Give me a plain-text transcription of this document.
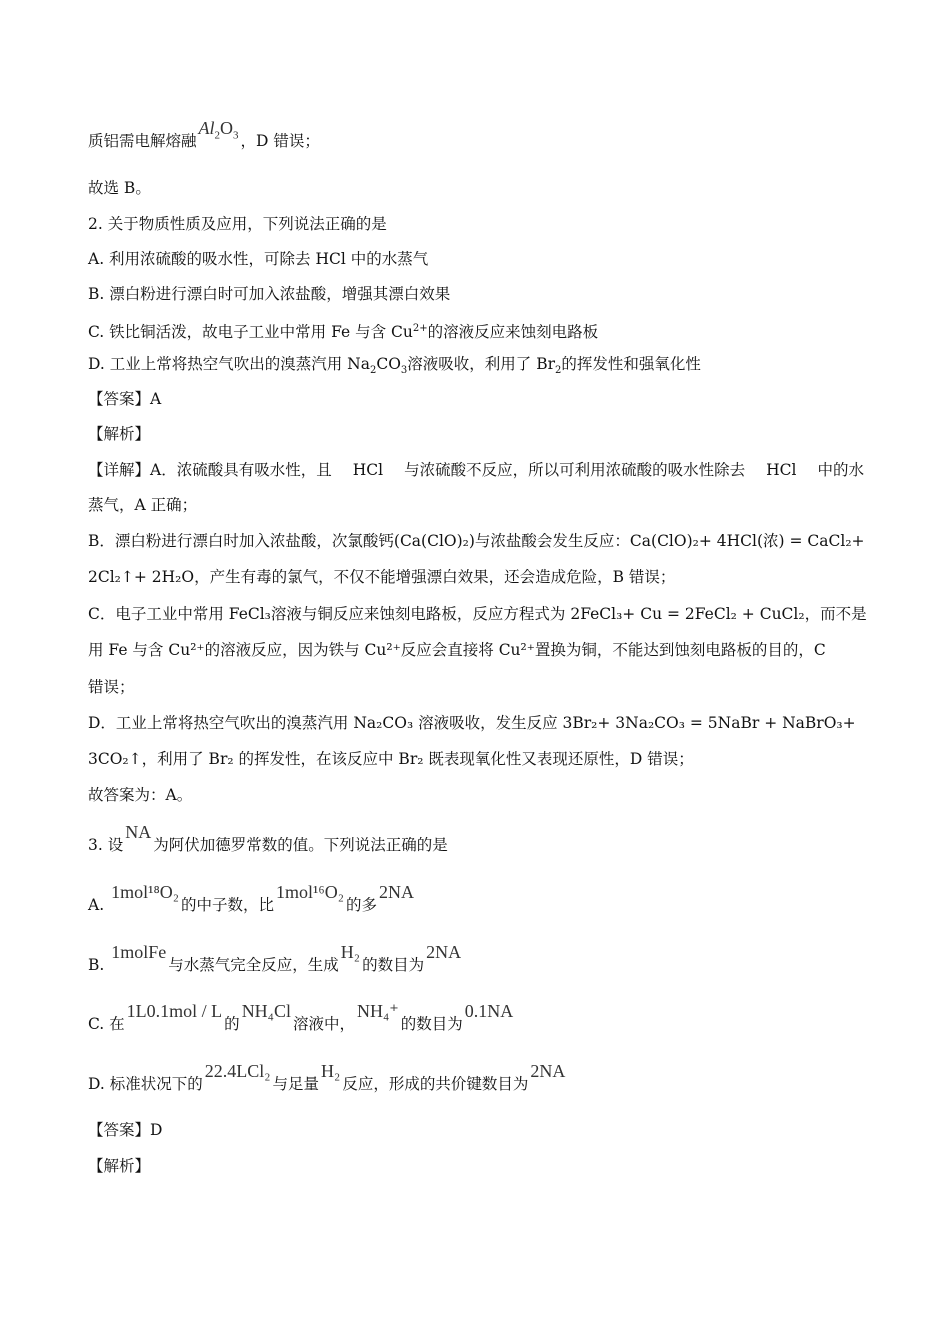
质铝需电解熔融$Al_2O_3$ ，D 错误；
故选 B。
2. 关于物质性质及应用，下列说法正确的是
A. 利用浓硫酸的吸水性，可除去 HCl 中的水蒸气
B. 漂白粉进行漂白时可加入浓盐酸，增强其漂白效果
C. 铁比铜活泼，故电子工业中常用 Fe 与含 $Cu^{2+}$的溶液反应来蚀刻电路板
D. 工业上常将热空气吹出的溴蒸汽用 $Na_2CO_3$溶液吸收，利用了 $Br_2$的挥发性和强氧化性
【答案】A
【解析】
【详解】A．浓硫酸具有吸水性，且 HCl 与浓硫酸不反应，所以可利用浓硫酸的吸水性除去 HCl 中的水
蒸气，A 正确；
B．漂白粉进行漂白时加入浓盐酸，次氯酸钙(Ca(ClO)₂)与浓盐酸会发生反应：Ca(ClO)₂+ 4HCl(浓) = CaCl₂+
2Cl₂↑+ 2H₂O，产生有毒的氯气，不仅不能增强漂白效果，还会造成危险，B 错误；
C．电子工业中常用 FeCl₃溶液与铜反应来蚀刻电路板，反应方程式为 2FeCl₃+ Cu = 2FeCl₂ + CuCl₂，而不是
用 Fe 与含 Cu²⁺的溶液反应，因为铁与 Cu²⁺反应会直接将 Cu²⁺置换为铜，不能达到蚀刻电路板的目的，C
错误；
D．工业上常将热空气吹出的溴蒸汽用 Na₂CO₃ 溶液吸收，发生反应 3Br₂+ 3Na₂CO₃ = 5NaBr + NaBrO₃+
3CO₂↑，利用了 Br₂ 的挥发性，在该反应中 Br₂ 既表现氧化性又表现还原性，D 错误；
故答案为：A。
3. 设NA为阿伏加德罗常数的值。下列说法正确的是
A. 1mol¹⁸O₂的中子数，比1mol¹⁶O₂的多2NA
B. 1molFe与水蒸气完全反应，生成H₂的数目为2NA
C. 在1L0.1mol / L的NH₄Cl溶液中，NH₄⁺的数目为0.1NA
D. 标准状况下的22.4LCl₂与足量H₂反应，形成的共价键数目为2NA
【答案】D
【解析】
